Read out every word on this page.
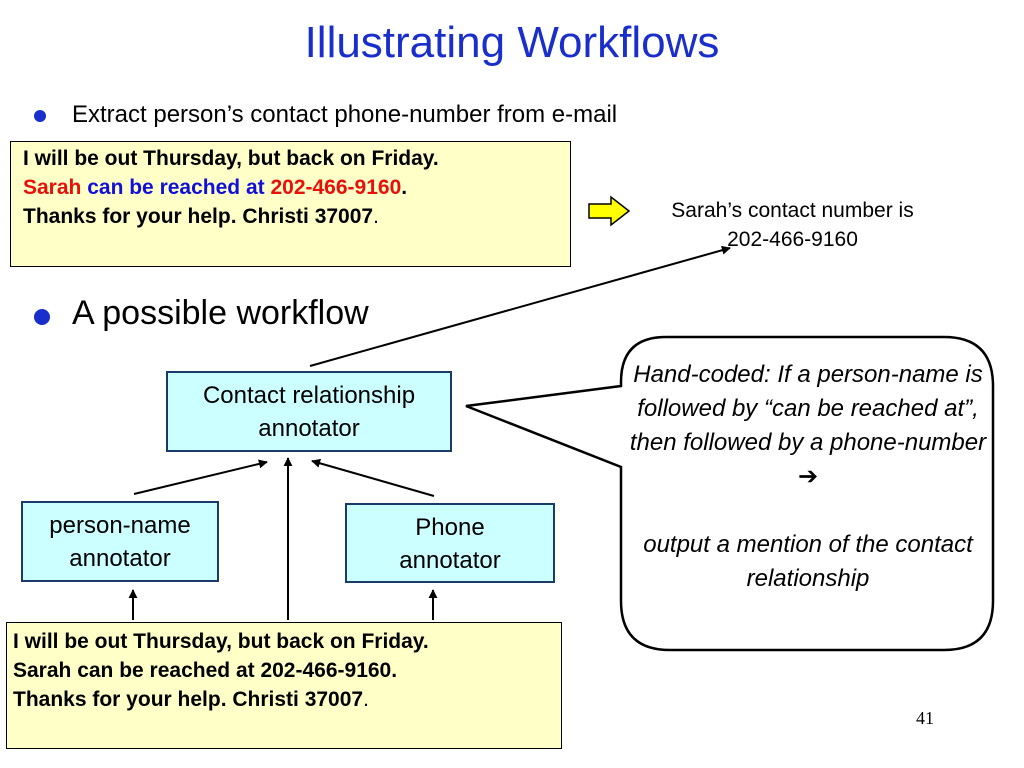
Illustrating Workflows
Extract person’s contact phone-number from e-mail
I will be out Thursday, but back on Friday.
Sarah can be reached at 202-466-9160.
Thanks for your help. Christi 37007.	Sarah’s contact number is
202-466-9160
A possible workflow
Contact relationship
annotator
person-name
annotator
Phone
annotator

Hand-coded: If a person-name is followed by “can be reached at”, then followed by a phone-number ➔

output a mention of the contact relationship

I will be out Thursday, but back on Friday.
Sarah can be reached at 202-466-9160.
Thanks for your help. Christi 37007.
41
